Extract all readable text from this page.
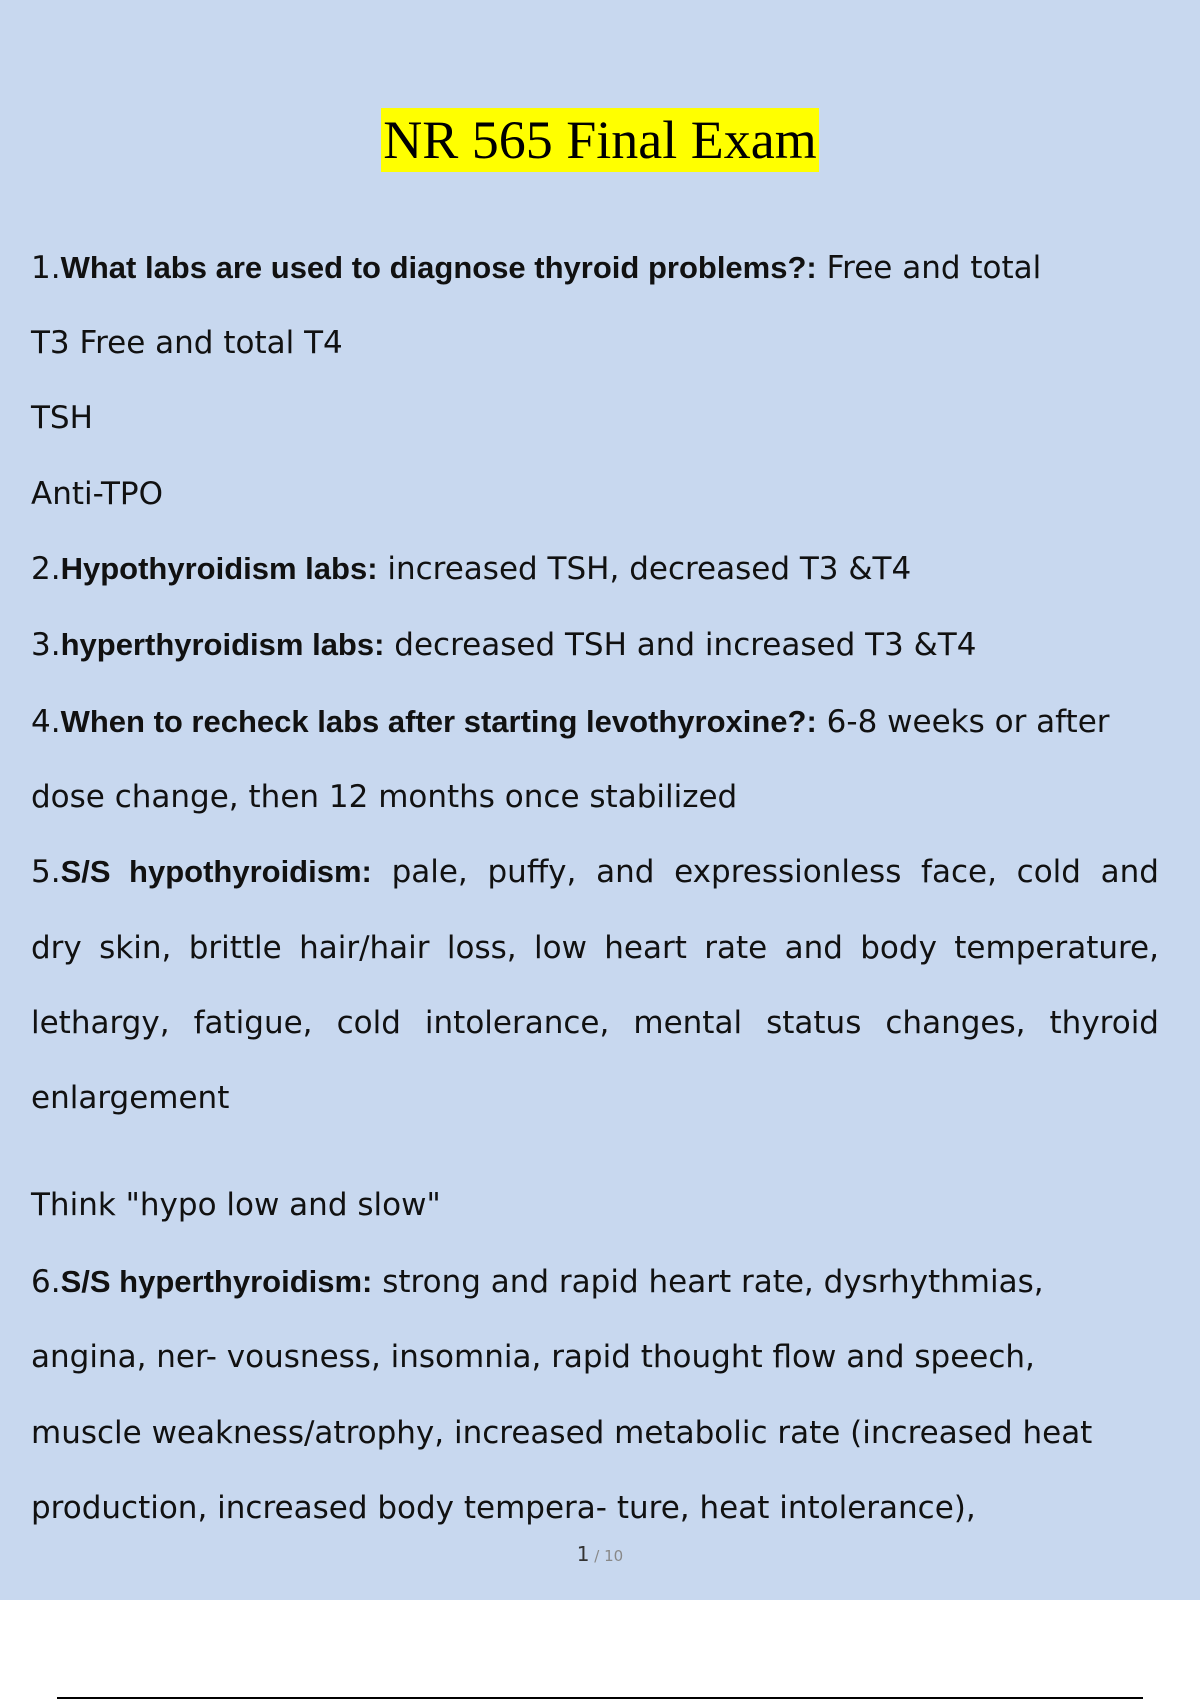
NR 565 Final Exam
1.What labs are used to diagnose thyroid problems?: Free and total
T3 Free and total T4
TSH
Anti-TPO
2.Hypothyroidism labs: increased TSH, decreased T3 &T4
3.hyperthyroidism labs: decreased TSH and increased T3 &T4
4.When to recheck labs after starting levothyroxine?: 6-8 weeks or after
dose change, then 12 months once stabilized
5.S/S hypothyroidism: pale, puffy, and expressionless face, cold and
dry skin, brittle hair/hair loss, low heart rate and body temperature,
lethargy, fatigue, cold intolerance, mental status changes, thyroid
enlargement
Think "hypo low and slow"
6.S/S hyperthyroidism: strong and rapid heart rate, dysrhythmias,
angina, ner- vousness, insomnia, rapid thought flow and speech,
muscle weakness/atrophy, increased metabolic rate (increased heat
production, increased body tempera- ture, heat intolerance),
1 / 10
